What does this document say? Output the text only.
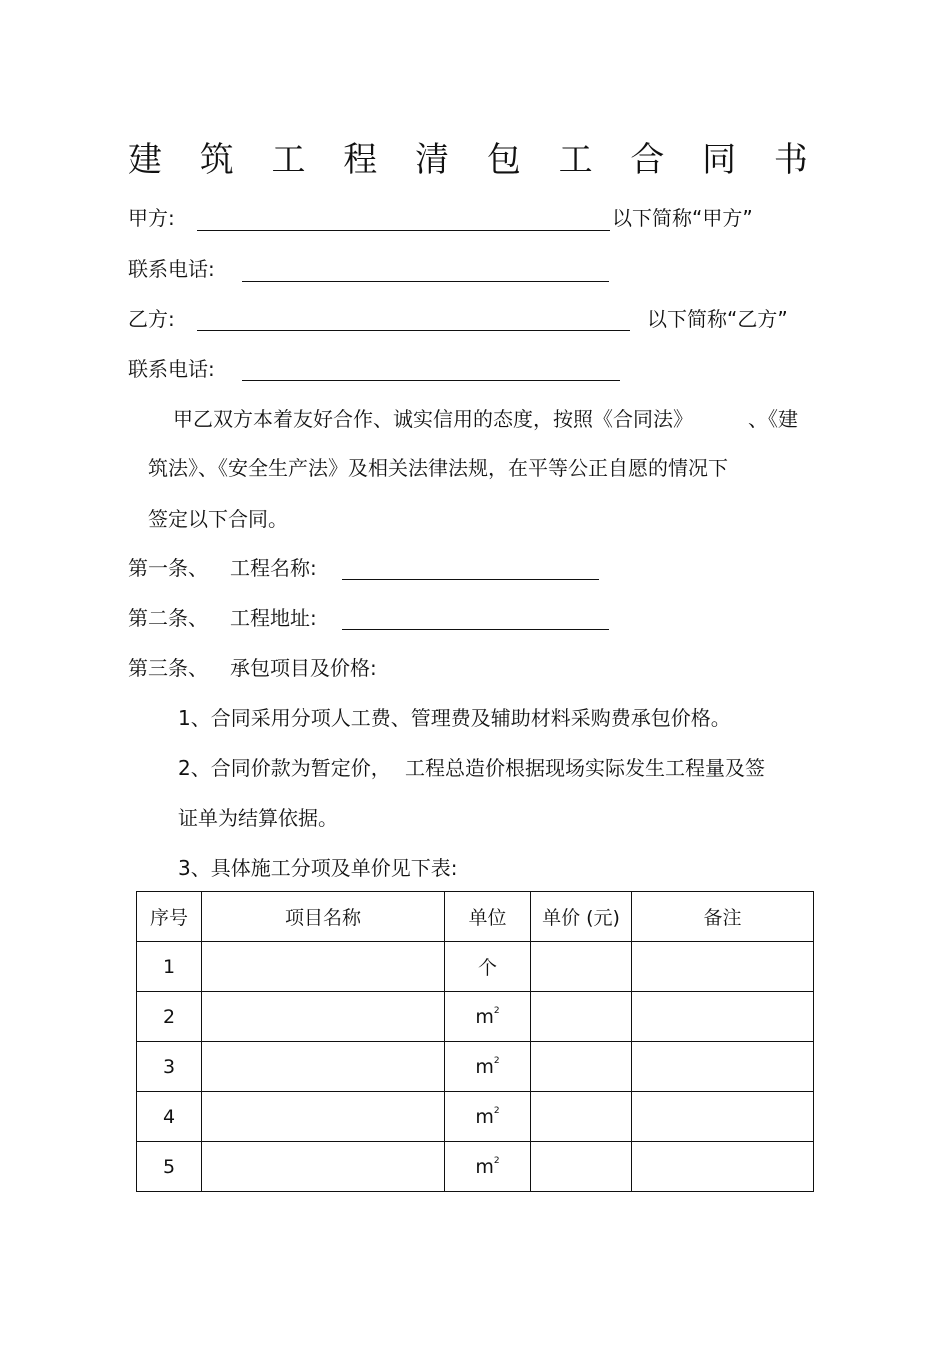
建 筑 工 程 清 包 工 合 同 书
甲方:	以下简称“甲方”
联系电话:
乙方:	以下简称“乙方”
联系电话:
甲乙双方本着友好合作、诚实信用的态度，按照《合同法》	、《建
筑法》、《安全生产法》及相关法律法规，在平等公正自愿的情况下
签定以下合同。
第一条、 工程名称:
第二条、 工程地址:
第三条、 承包项目及价格:
1、合同采用分项人工费、管理费及辅助材料采购费承包价格。
2、合同价款为暂定价， 工程总造价根据现场实际发生工程量及签
证单为结算依据。
3、具体施工分项及单价见下表:
序号	项目名称	单位	单价 (元)	备注
1		个		
2		$m^2$		
3		$m^2$		
4		$m^2$		
5		$m^2$		
